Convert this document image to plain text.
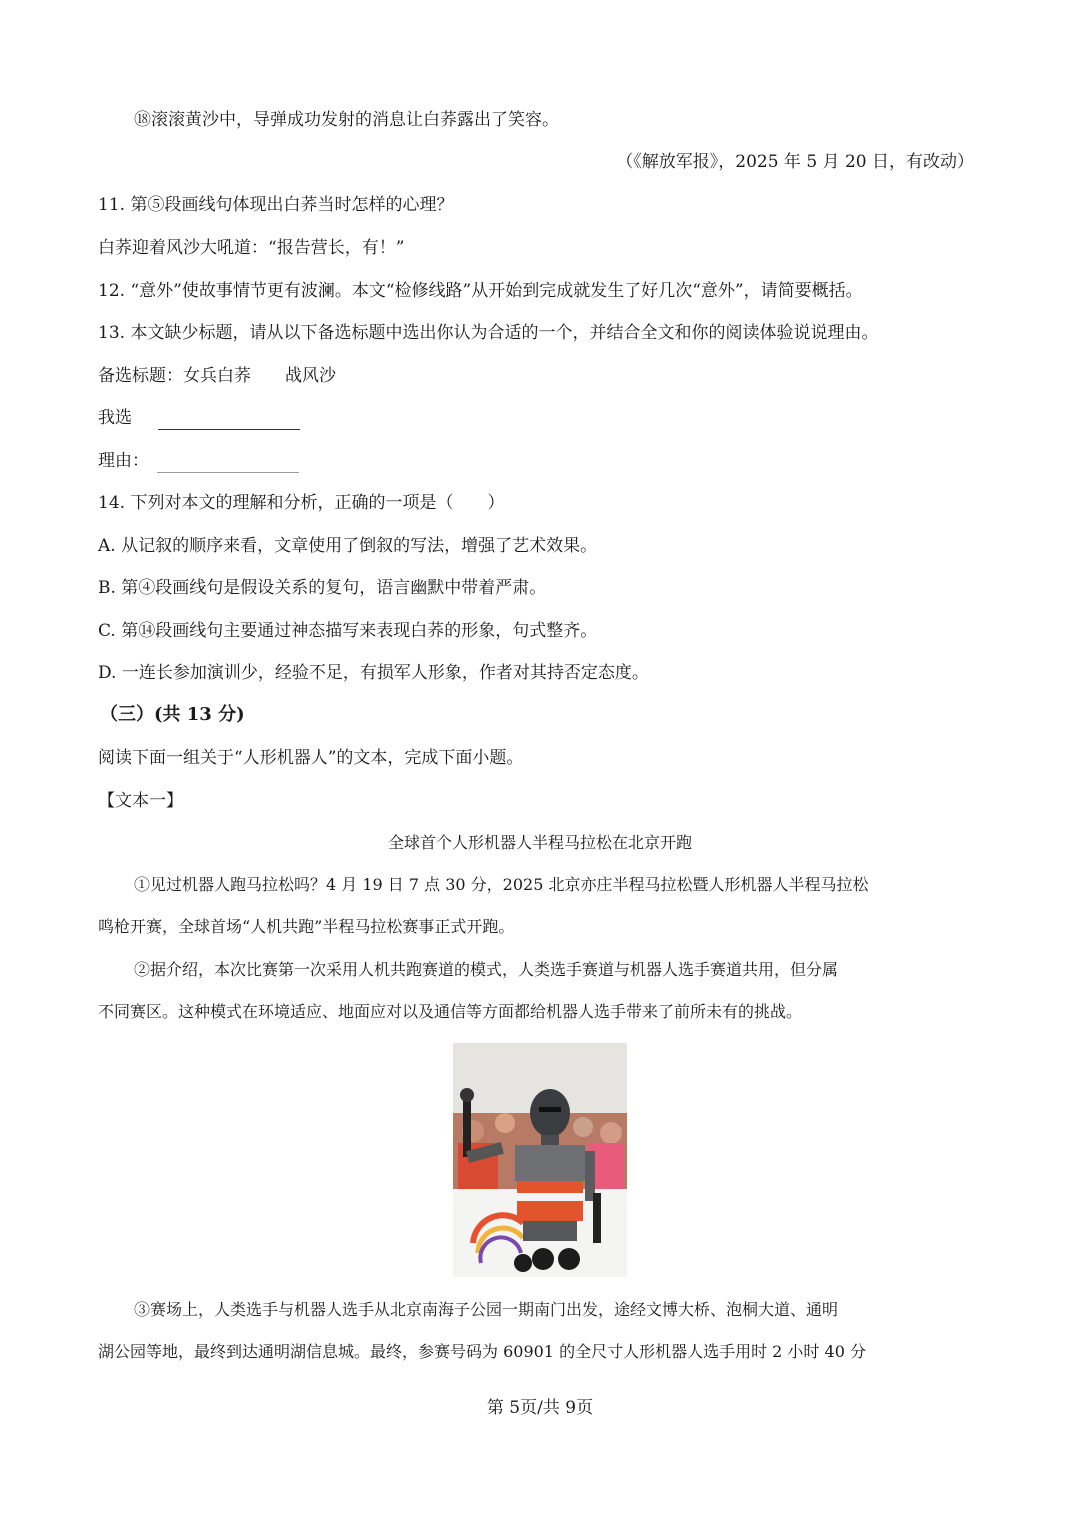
⑱滚滚黄沙中，导弹成功发射的消息让白荞露出了笑容。
（《解放军报》，2025 年 5 月 20 日，有改动）
11. 第⑤段画线句体现出白荞当时怎样的心理？
白荞迎着风沙大吼道：“报告营长，有！”
12. “意外”使故事情节更有波澜。本文“检修线路”从开始到完成就发生了好几次“意外”，请简要概括。
13. 本文缺少标题，请从以下备选标题中选出你认为合适的一个，并结合全文和你的阅读体验说说理由。
备选标题：女兵白荞　　战风沙
我选
理由：
14. 下列对本文的理解和分析，正确的一项是（　　）
A. 从记叙的顺序来看，文章使用了倒叙的写法，增强了艺术效果。
B. 第④段画线句是假设关系的复句，语言幽默中带着严肃。
C. 第⑭段画线句主要通过神态描写来表现白荞的形象，句式整齐。
D. 一连长参加演训少，经验不足，有损军人形象，作者对其持否定态度。
（三）(共 13 分)
阅读下面一组关于“人形机器人”的文本，完成下面小题。
【文本一】
全球首个人形机器人半程马拉松在北京开跑
①见过机器人跑马拉松吗？4 月 19 日 7 点 30 分，2025 北京亦庄半程马拉松暨人形机器人半程马拉松
鸣枪开赛，全球首场“人机共跑”半程马拉松赛事正式开跑。
②据介绍，本次比赛第一次采用人机共跑赛道的模式，人类选手赛道与机器人选手赛道共用，但分属
不同赛区。这种模式在环境适应、地面应对以及通信等方面都给机器人选手带来了前所未有的挑战。
③赛场上，人类选手与机器人选手从北京南海子公园一期南门出发，途经文博大桥、泡桐大道、通明
湖公园等地，最终到达通明湖信息城。最终，参赛号码为 60901 的全尺寸人形机器人选手用时 2 小时 40 分
第 5页/共 9页
